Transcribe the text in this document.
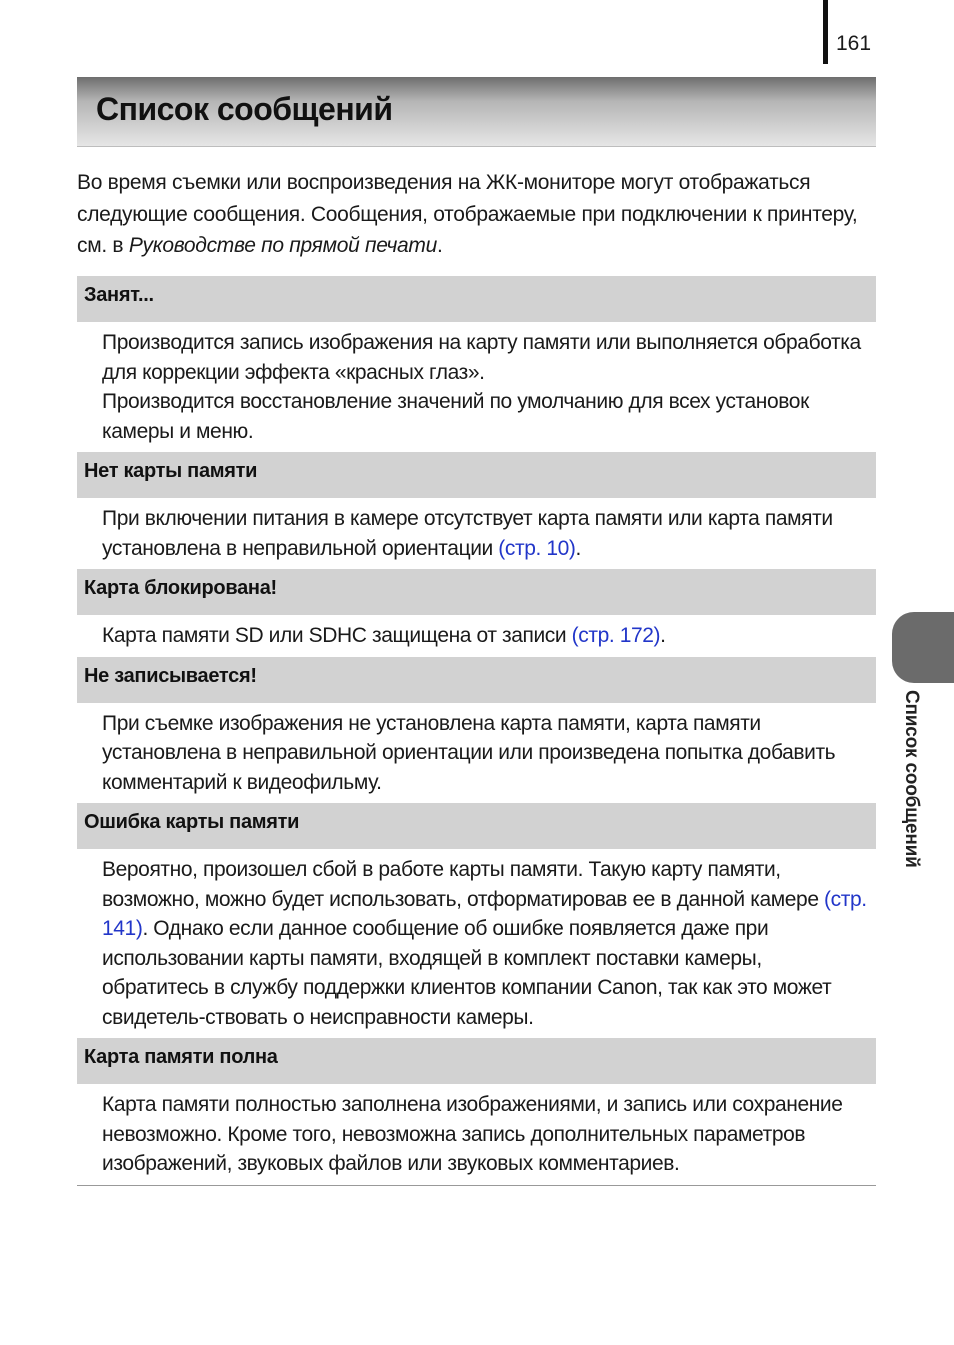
161
Список сообщений
Во время съемки или воспроизведения на ЖК-мониторе могут отображаться следующие сообщения. Сообщения, отображаемые при подключении к принтеру, см. в Руководстве по прямой печати.
Занят...

Производится запись изображения на карту памяти или выполняется обработка для коррекции эффекта «красных глаз».

Производится восстановление значений по умолчанию для всех установок камеры и меню.

Нет карты памяти

При включении питания в камере отсутствует карта памяти или карта памяти установлена в неправильной ориентации (стр. 10).

Карта блокирована!

Карта памяти SD или SDHC защищена от записи (стр. 172).

Не записывается!

При съемке изображения не установлена карта памяти, карта памяти установлена в неправильной ориентации или произведена попытка добавить комментарий к видеофильму.

Ошибка карты памяти

Вероятно, произошел сбой в работе карты памяти. Такую карту памяти, возможно, можно будет использовать, отформатировав ее в данной камере (стр. 141). Однако если данное сообщение об ошибке появляется даже при использовании карты памяти, входящей в комплект поставки камеры, обратитесь в службу поддержки клиентов компании Canon, так как это может свидетель-ствовать о неисправности камеры.

Карта памяти полна

Карта памяти полностью заполнена изображениями, и запись или сохранение невозможно. Кроме того, невозможна запись дополнительных параметров изображений, звуковых файлов или звуковых комментариев.

Список сообщений
